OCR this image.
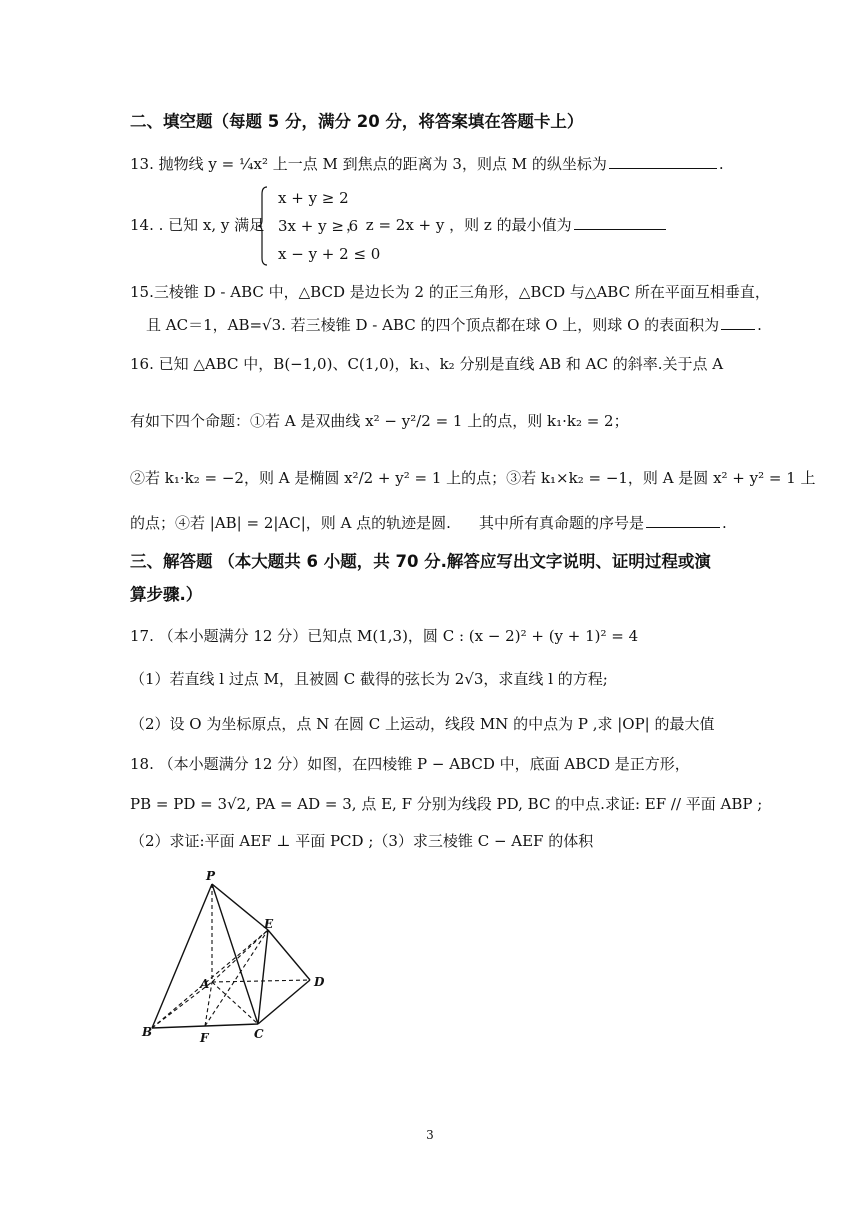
二、填空题（每题 5 分，满分 20 分，将答案填在答题卡上）
13. 抛物线 y = ¼x² 上一点 M 到焦点的距离为 3，则点 M 的纵坐标为	.
14. . 已知 x, y 满足
x + y ≥ 2
3x + y ≥ 6
x − y + 2 ≤ 0
， z = 2x + y ，则 z 的最小值为
15.三棱锥 D - ABC 中，△BCD 是边长为 2 的正三角形，△BCD 与△ABC 所在平面互相垂直，
且 AC＝1，AB=√3. 若三棱锥 D - ABC 的四个顶点都在球 O 上，则球 O 的表面积为	.
16. 已知 △ABC 中，B(−1,0)、C(1,0)，k₁、k₂ 分别是直线 AB 和 AC 的斜率.关于点 A
有如下四个命题：①若 A 是双曲线 x² − y²/2 = 1 上的点，则 k₁·k₂ = 2；
②若 k₁·k₂ = −2，则 A 是椭圆 x²/2 + y² = 1 上的点；③若 k₁×k₂ = −1，则 A 是圆 x² + y² = 1 上
的点；④若 |AB| = 2|AC|，则 A 点的轨迹是圆. 其中所有真命题的序号是	.
三、解答题 （本大题共 6 小题，共 70 分.解答应写出文字说明、证明过程或演
算步骤.）
17. （本小题满分 12 分）已知点 M(1,3)，圆 C : (x − 2)² + (y + 1)² = 4
（1）若直线 l 过点 M，且被圆 C 截得的弦长为 2√3，求直线 l 的方程;
（2）设 O 为坐标原点，点 N 在圆 C 上运动，线段 MN 的中点为 P ,求 |OP| 的最大值
18. （本小题满分 12 分）如图，在四棱锥 P − ABCD 中，底面 ABCD 是正方形，
PB = PD = 3√2, PA = AD = 3, 点 E, F 分别为线段 PD, BC 的中点.求证: EF // 平面 ABP ;
（2）求证:平面 AEF ⊥ 平面 PCD ;（3）求三棱锥 C − AEF 的体积
P
E
A	D
B	F	C
3
